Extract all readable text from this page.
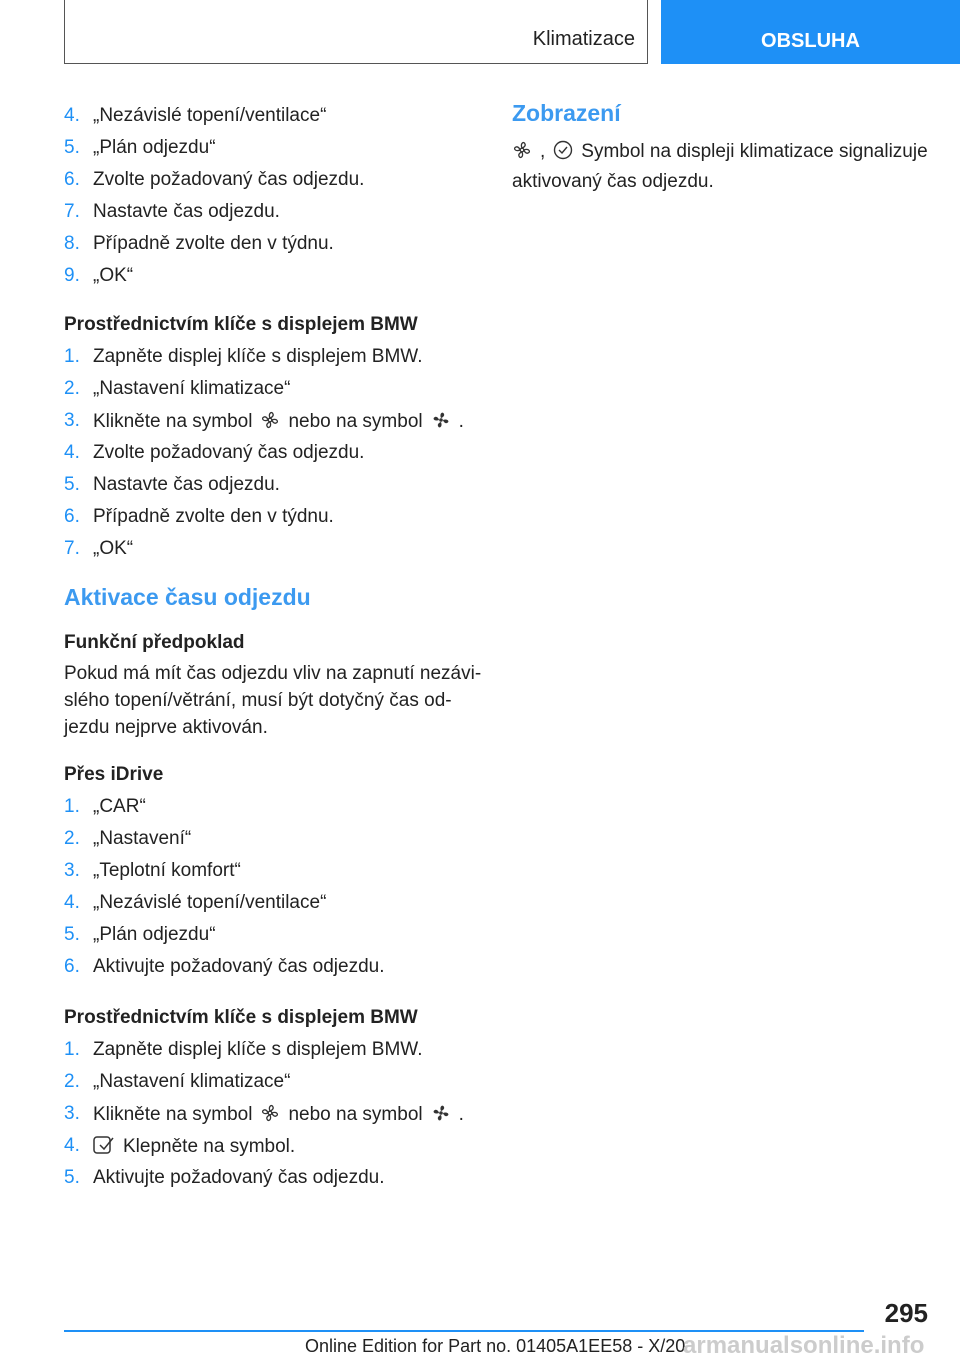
Klimatizace	OBSLUHA
4. „Nezávislé topení/ventilace“
5. „Plán odjezdu“
6. Zvolte požadovaný čas odjezdu.
7. Nastavte čas odjezdu.
8. Případně zvolte den v týdnu.
9. „OK“
Prostřednictvím klíče s displejem BMW
1. Zapněte displej klíče s displejem BMW.
2. „Nastavení klimatizace“
3. Klikněte na symbol nebo na symbol .
4. Zvolte požadovaný čas odjezdu.
5. Nastavte čas odjezdu.
6. Případně zvolte den v týdnu.
7. „OK“
Aktivace času odjezdu
Funkční předpoklad

Pokud má mít čas odjezdu vliv na zapnutí nezávi-
slého topení/větrání, musí být dotyčný čas od-
jezdu nejprve aktivován.

Přes iDrive
1. „CAR“
2. „Nastavení“
3. „Teplotní komfort“
4. „Nezávislé topení/ventilace“
5. „Plán odjezdu“
6. Aktivujte požadovaný čas odjezdu.
Prostřednictvím klíče s displejem BMW
1. Zapněte displej klíče s displejem BMW.
2. „Nastavení klimatizace“
3. Klikněte na symbol nebo na symbol .
4. Klepněte na symbol.
5. Aktivujte požadovaný čas odjezdu.
Zobrazení

, Symbol na displeji klimatizace signalizuje
aktivovaný čas odjezdu.

295
Online Edition for Part no. 01405A1EE58 - X/20
armanualsonline.info
